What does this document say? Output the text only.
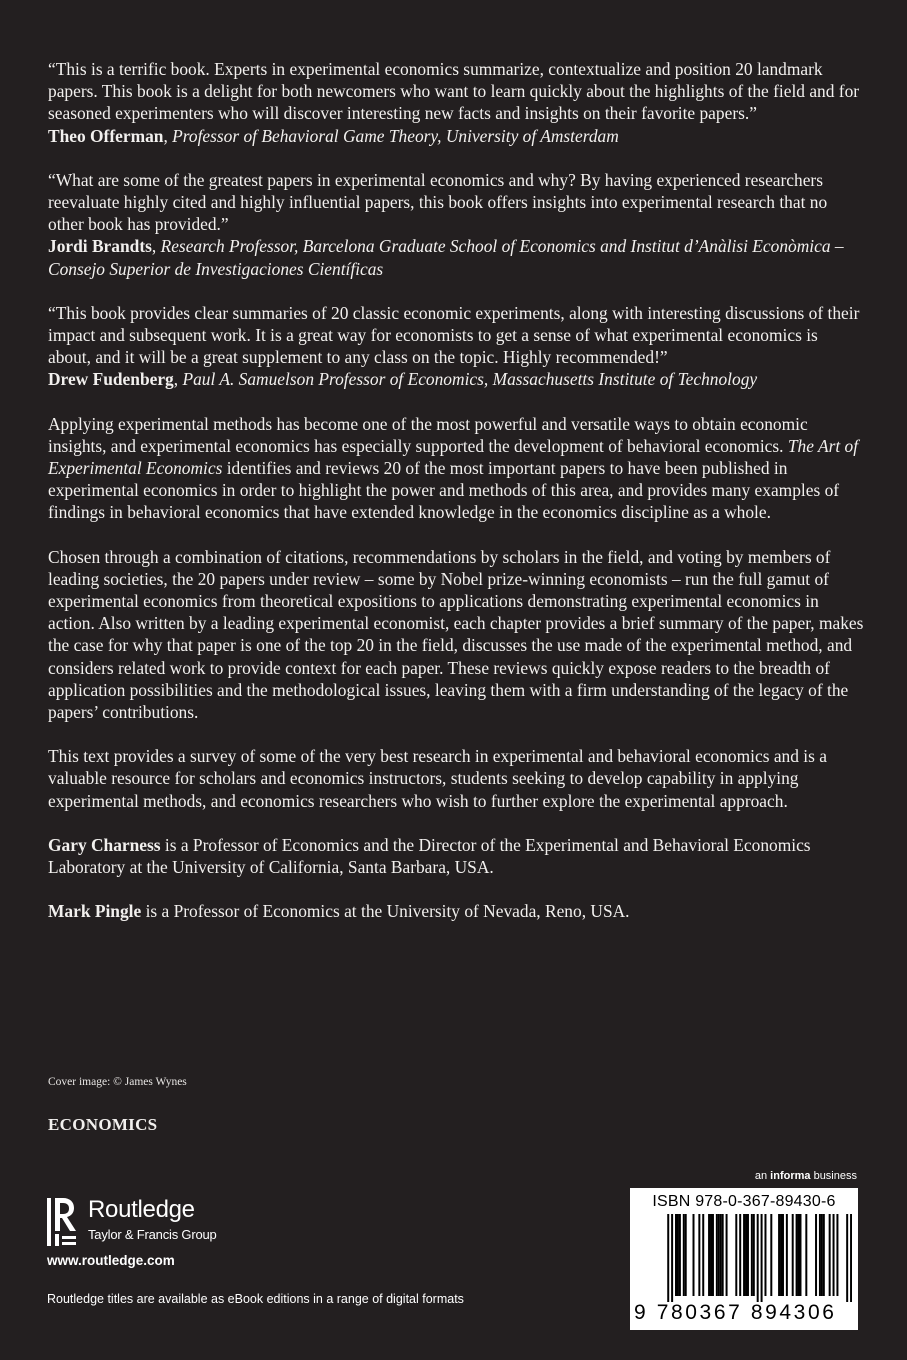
“This is a terrific book. Experts in experimental economics summarize, contextualize and position 20 landmark papers. This book is a delight for both newcomers who want to learn quickly about the highlights of the field and for seasoned experimenters who will discover interesting new facts and insights on their favorite papers.”
Theo Offerman, Professor of Behavioral Game Theory, University of Amsterdam

“What are some of the greatest papers in experimental economics and why? By having experienced researchers reevaluate highly cited and highly influential papers, this book offers insights into experimental research that no other book has provided.”
Jordi Brandts, Research Professor, Barcelona Graduate School of Economics and Institut d’Anàlisi Econòmica – Consejo Superior de Investigaciones Científicas

“This book provides clear summaries of 20 classic economic experiments, along with interesting discussions of their impact and subsequent work. It is a great way for economists to get a sense of what experimental economics is about, and it will be a great supplement to any class on the topic. Highly recommended!”
Drew Fudenberg, Paul A. Samuelson Professor of Economics, Massachusetts Institute of Technology

Applying experimental methods has become one of the most powerful and versatile ways to obtain economic insights, and experimental economics has especially supported the development of behavioral economics. The Art of Experimental Economics identifies and reviews 20 of the most important papers to have been published in experimental economics in order to highlight the power and methods of this area, and provides many examples of findings in behavioral economics that have extended knowledge in the economics discipline as a whole.

Chosen through a combination of citations, recommendations by scholars in the field, and voting by members of leading societies, the 20 papers under review – some by Nobel prize-winning economists – run the full gamut of experimental economics from theoretical expositions to applications demonstrating experimental economics in action. Also written by a leading experimental economist, each chapter provides a brief summary of the paper, makes the case for why that paper is one of the top 20 in the field, discusses the use made of the experimental method, and considers related work to provide context for each paper. These reviews quickly expose readers to the breadth of application possibilities and the methodological issues, leaving them with a firm understanding of the legacy of the papers’ contributions.

This text provides a survey of some of the very best research in experimental and behavioral economics and is a valuable resource for scholars and economics instructors, students seeking to develop capability in applying experimental methods, and economics researchers who wish to further explore the experimental approach.

Gary Charness is a Professor of Economics and the Director of the Experimental and Behavioral Economics Laboratory at the University of California, Santa Barbara, USA.

Mark Pingle is a Professor of Economics at the University of Nevada, Reno, USA.

Cover image: © James Wynes
ECONOMICS
Routledge
Taylor & Francis Group
www.routledge.com
Routledge titles are available as eBook editions in a range of digital formats
an informa business
ISBN 978-0-367-89430-6
9 780367 894306
